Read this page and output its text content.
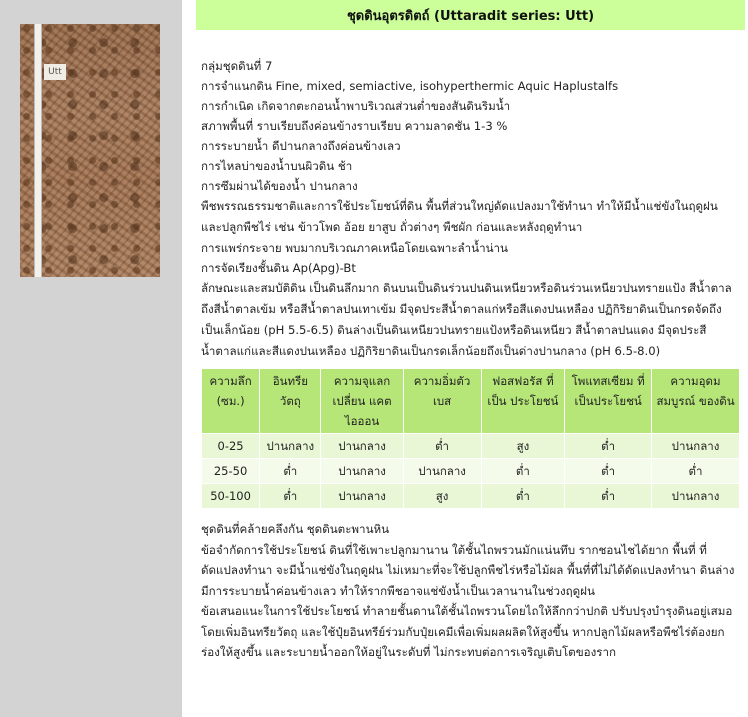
Utt
ชุดดินอุตรดิตถ์ (Uttaradit series: Utt)

กลุ่มชุดดินที่ 7

การจำแนกดิน Fine, mixed, semiactive, isohyperthermic Aquic Haplustalfs

การกำเนิด เกิดจากตะกอนน้ำพาบริเวณส่วนต่ำของสันดินริมน้ำ

สภาพพื้นที่ ราบเรียบถึงค่อนข้างราบเรียบ ความลาดชัน 1-3 %

การระบายน้ำ ดีปานกลางถึงค่อนข้างเลว

การไหลบ่าของน้ำบนผิวดิน ช้า

การซึมผ่านได้ของน้ำ ปานกลาง

พืชพรรณธรรมชาติและการใช้ประโยชน์ที่ดิน พื้นที่ส่วนใหญ่ดัดแปลงมาใช้ทำนา ทำให้มีน้ำแช่ขังในฤดูฝน และปลูกพืชไร่ เช่น ข้าวโพด อ้อย ยาสูบ ถั่วต่างๆ พืชผัก ก่อนและหลังฤดูทำนา

การแพร่กระจาย พบมากบริเวณภาคเหนือโดยเฉพาะลำน้ำน่าน

การจัดเรียงชั้นดิน Ap(Apg)-Bt

ลักษณะและสมบัติดิน เป็นดินลึกมาก ดินบนเป็นดินร่วนปนดินเหนียวหรือดินร่วนเหนียวปนทรายแป้ง สีน้ำตาลถึงสีน้ำตาลเข้ม หรือสีน้ำตาลปนเทาเข้ม มีจุดประสีน้ำตาลแก่หรือสีแดงปนเหลือง ปฏิกิริยาดินเป็นกรดจัดถึงเป็นเล็กน้อย (pH 5.5-6.5) ดินล่างเป็นดินเหนียวปนทรายแป้งหรือดินเหนียว สีน้ำตาลปนแดง มีจุดประสีน้ำตาลแก่และสีแดงปนเหลือง ปฏิกิริยาดินเป็นกรดเล็กน้อยถึงเป็นด่างปานกลาง (pH 6.5-8.0)

ความลึก (ซม.)	อินทรีย วัตถุ	ความจุแลกเปลี่ยน แคตไอออน	ความอิ่มตัว เบส	ฟอสฟอรัส ที่เป็น ประโยชน์	โพแทสเซียม ที่เป็นประโยชน์	ความอุดม สมบูรณ์ ของดิน
0-25	ปานกลาง	ปานกลาง	ต่ำ	สูง	ต่ำ	ปานกลาง
25-50	ต่ำ	ปานกลาง	ปานกลาง	ต่ำ	ต่ำ	ต่ำ
50-100	ต่ำ	ปานกลาง	สูง	ต่ำ	ต่ำ	ปานกลาง

ชุดดินที่คล้ายคลึงกัน ชุดดินตะพานหิน

ข้อจำกัดการใช้ประโยชน์ ดินที่ใช้เพาะปลูกมานาน ใต้ชั้นไถพรวนมักแน่นทึบ รากชอนไชได้ยาก พื้นที่ ที่ดัดแปลงทำนา จะมีน้ำแช่ขังในฤดูฝน ไม่เหมาะที่จะใช้ปลูกพืชไร่หรือไม้ผล พื้นที่ที่ไม่ได้ดัดแปลงทำนา ดินล่างมีการระบายน้ำค่อนข้างเลว ทำให้รากพืชอาจแช่ขังน้ำเป็นเวลานานในช่วงฤดูฝน

ข้อเสนอแนะในการใช้ประโยชน์ ทำลายชั้นดานใต้ชั้นไถพรวนโดยไถให้ลึกกว่าปกติ ปรับปรุงบำรุงดินอยู่เสมอโดยเพิ่มอินทรียวัตถุ และใช้ปุ๋ยอินทรีย์ร่วมกับปุ๋ยเคมีเพื่อเพิ่มผลผลิตให้สูงขึ้น หากปลูกไม้ผลหรือพืชไร่ต้องยกร่องให้สูงขึ้น และระบายน้ำออกให้อยู่ในระดับที่ ไม่กระทบต่อการเจริญเติบโตของราก
